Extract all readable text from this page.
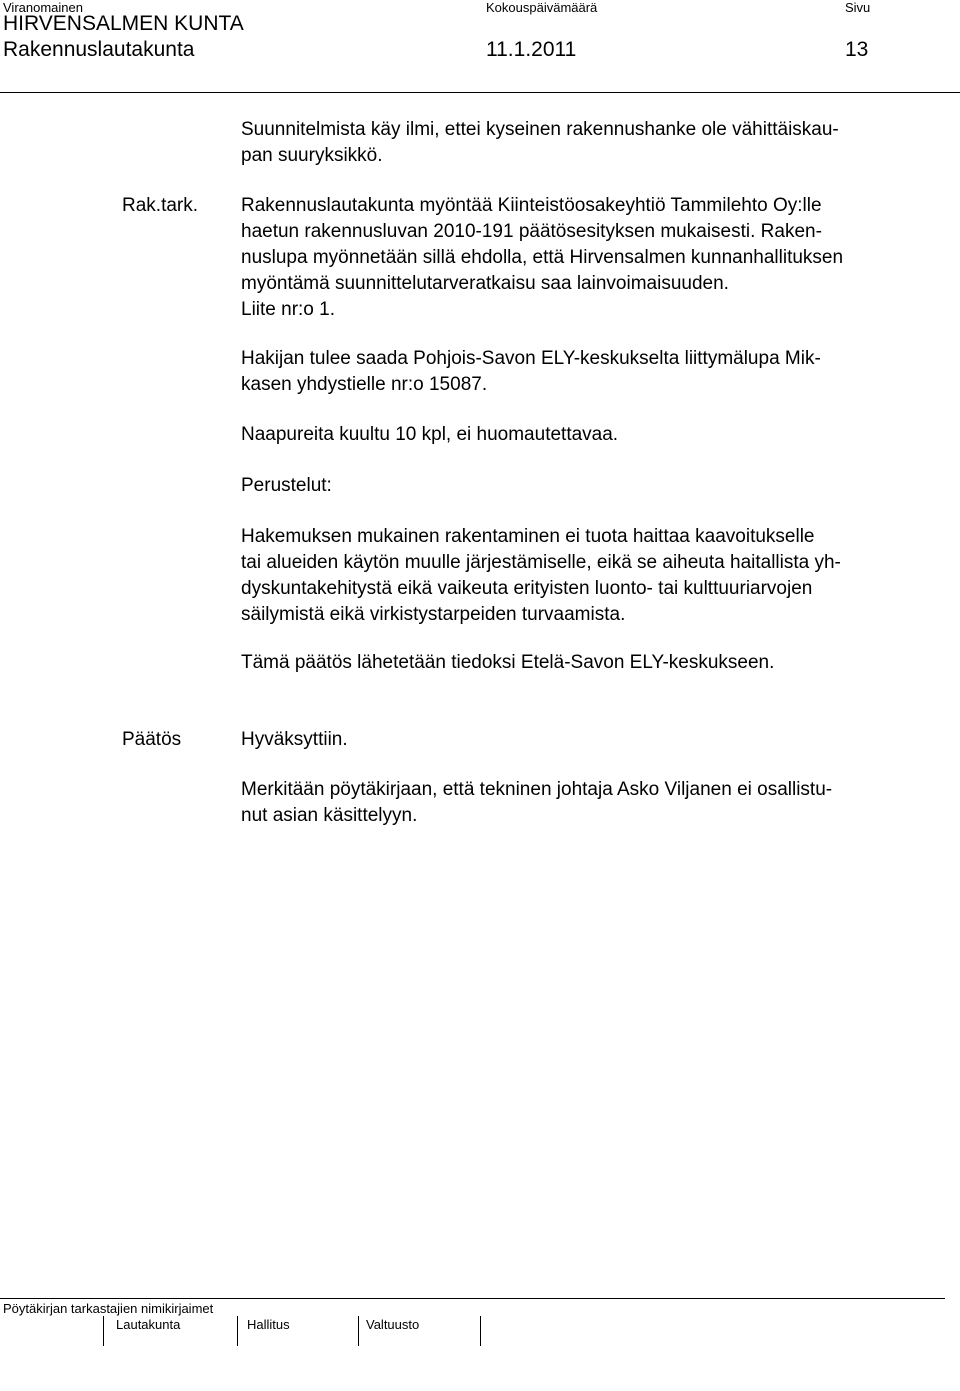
Viranomainen	Kokouspäivämäärä	Sivu
HIRVENSALMEN KUNTA
Rakennuslautakunta	11.1.2011	13
Suunnitelmista käy ilmi, ettei kyseinen rakennushanke ole vähittäiskau-
pan suuryksikkö.
Rak.tark. Rakennuslautakunta myöntää Kiinteistöosakeyhtiö Tammilehto Oy:lle
haetun rakennusluvan 2010-191 päätösesityksen mukaisesti. Raken-
nuslupa myönnetään sillä ehdolla, että Hirvensalmen kunnanhallituksen
myöntämä suunnittelutarveratkaisu saa lainvoimaisuuden.
Liite nr:o 1.
Hakijan tulee saada Pohjois-Savon ELY-keskukselta liittymälupa Mik-
kasen yhdystielle nr:o 15087.
Naapureita kuultu 10 kpl, ei huomautettavaa.
Perustelut:
Hakemuksen mukainen rakentaminen ei tuota haittaa kaavoitukselle
tai alueiden käytön muulle järjestämiselle, eikä se aiheuta haitallista yh-
dyskuntakehitystä eikä vaikeuta erityisten luonto- tai kulttuuriarvojen
säilymistä eikä virkistystarpeiden turvaamista.
Tämä päätös lähetetään tiedoksi Etelä-Savon ELY-keskukseen.
Päätös	Hyväksyttiin.
Merkitään pöytäkirjaan, että tekninen johtaja Asko Viljanen ei osallistu-
nut asian käsittelyyn.
Pöytäkirjan tarkastajien nimikirjaimet
Lautakunta	Hallitus	Valtuusto
